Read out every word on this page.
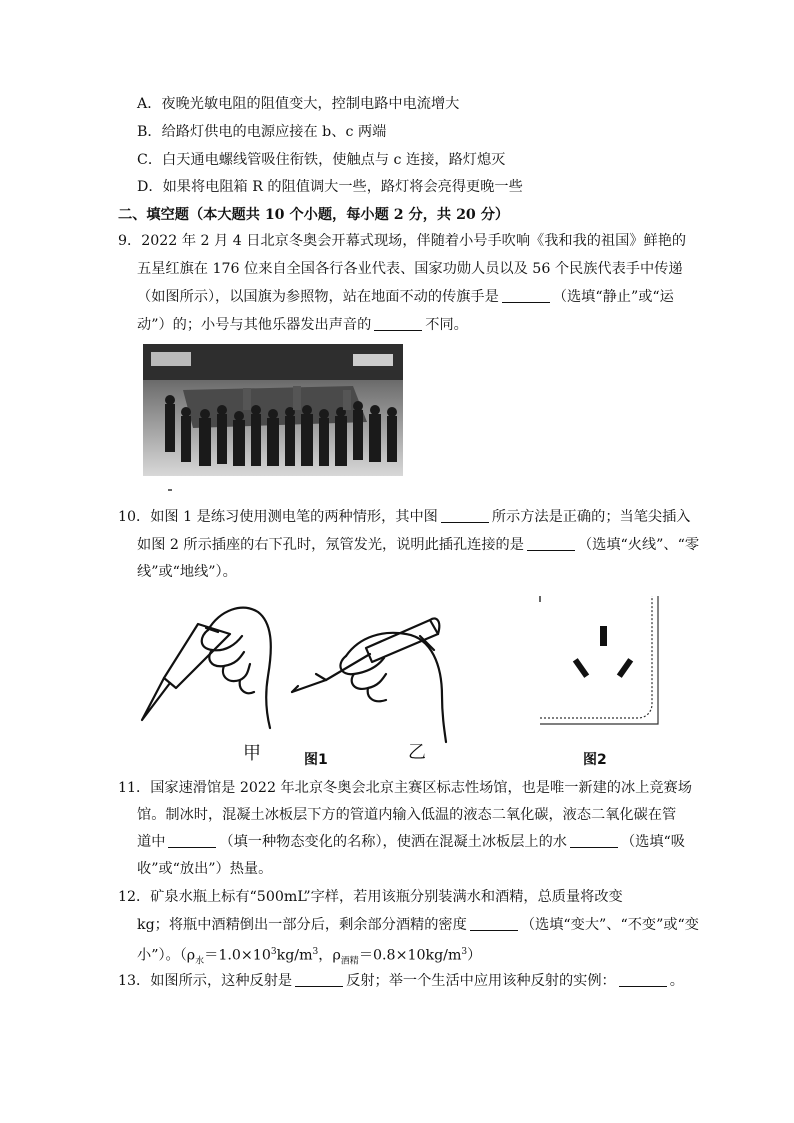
A．夜晚光敏电阻的阻值变大，控制电路中电流增大
B．给路灯供电的电源应接在 b、c 两端
C．白天通电螺线管吸住衔铁，使触点与 c 连接，路灯熄灭
D．如果将电阻箱 R 的阻值调大一些，路灯将会亮得更晚一些
二、填空题（本大题共 10 个小题，每小题 2 分，共 20 分）
9．2022 年 2 月 4 日北京冬奥会开幕式现场，伴随着小号手吹响《我和我的祖国》鲜艳的
五星红旗在 176 位来自全国各行各业代表、国家功勋人员以及 56 个民族代表手中传递
（如图所示），以国旗为参照物，站在地面不动的传旗手是	（选填“静止”或“运
动”）的；小号与其他乐器发出声音的	不同。
10．如图 1 是练习使用测电笔的两种情形，其中图	所示方法是正确的；当笔尖插入
如图 2 所示插座的右下孔时，氖管发光，说明此插孔连接的是	（选填“火线”、“零
线”或“地线”）。
甲	图1	乙	图2
11．国家速滑馆是 2022 年北京冬奥会北京主赛区标志性场馆，也是唯一新建的冰上竞赛场
馆。制冰时，混凝土冰板层下方的管道内输入低温的液态二氧化碳，液态二氧化碳在管
道中	（填一种物态变化的名称），使洒在混凝土冰板层上的水	（选填“吸
收”或“放出”）热量。
12．矿泉水瓶上标有“500mL”字样，若用该瓶分别装满水和酒精，总质量将改变
kg；将瓶中酒精倒出一部分后，剩余部分酒精的密度	（选填“变大”、“不变”或“变
小”）。（$\rho_水=1.0\times 10^3kg/m^3$，$\rho_{酒精}=0.8\times 10kg/m^3$）
13．如图所示，这种反射是	反射；举一个生活中应用该种反射的实例：	。
